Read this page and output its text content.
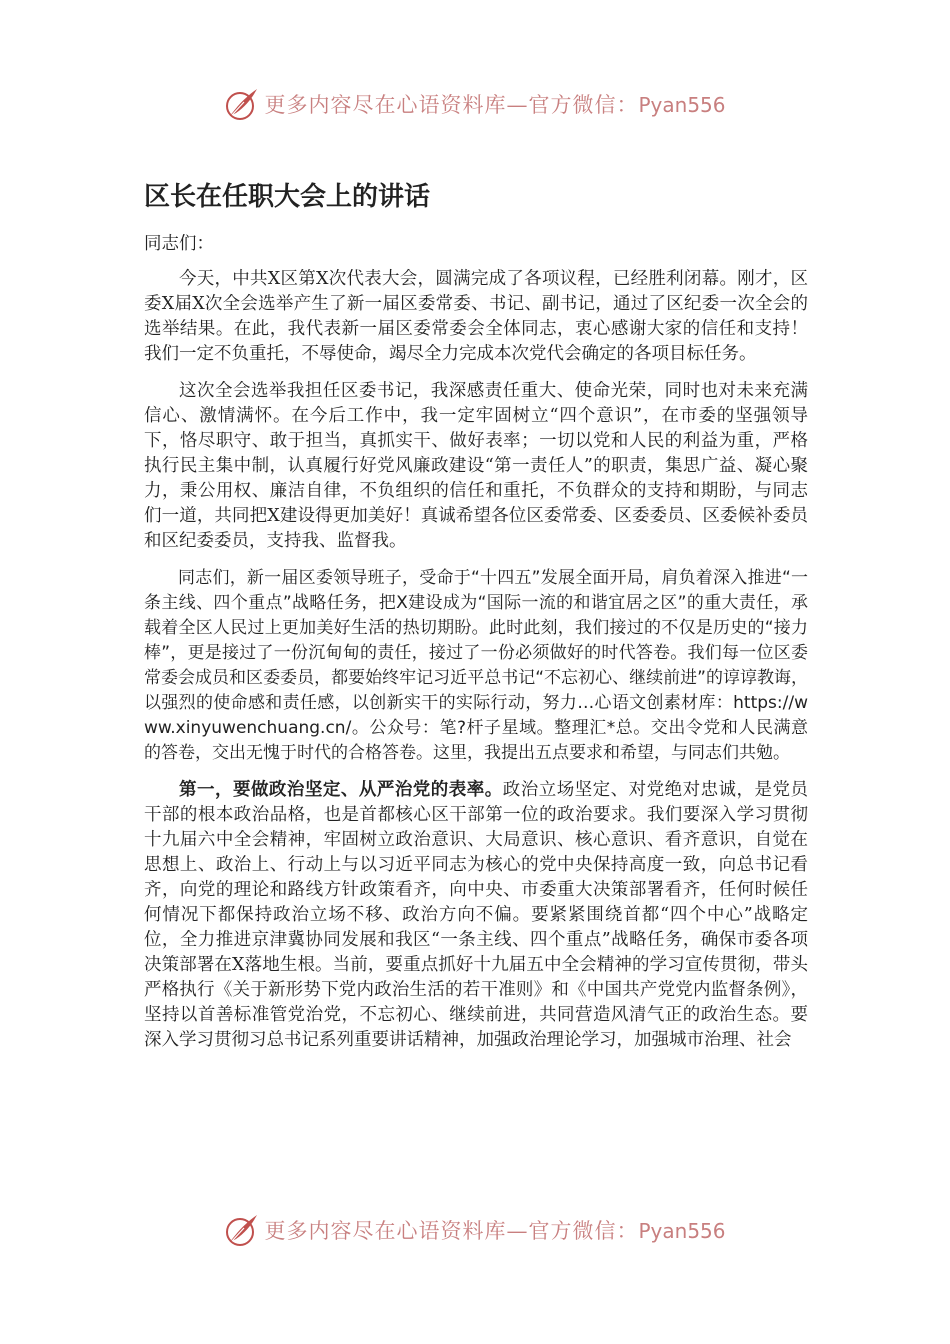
更多内容尽在心语资料库—官方微信：Pyan556
区长在任职大会上的讲话

同志们：

今天，中共X区第X次代表大会，圆满完成了各项议程，已经胜利闭幕。刚才，区委X届X次全会选举产生了新一届区委常委、书记、副书记，通过了区纪委一次全会的选举结果。在此，我代表新一届区委常委会全体同志，衷心感谢大家的信任和支持！我们一定不负重托，不辱使命，竭尽全力完成本次党代会确定的各项目标任务。

这次全会选举我担任区委书记，我深感责任重大、使命光荣，同时也对未来充满信心、激情满怀。在今后工作中，我一定牢固树立“四个意识”，在市委的坚强领导下，恪尽职守、敢于担当，真抓实干、做好表率；一切以党和人民的利益为重，严格执行民主集中制，认真履行好党风廉政建设“第一责任人”的职责，集思广益、凝心聚力，秉公用权、廉洁自律，不负组织的信任和重托，不负群众的支持和期盼，与同志们一道，共同把X建设得更加美好！真诚希望各位区委常委、区委委员、区委候补委员和区纪委委员，支持我、监督我。

同志们，新一届区委领导班子，受命于“十四五”发展全面开局，肩负着深入推进“一条主线、四个重点”战略任务，把X建设成为“国际一流的和谐宜居之区”的重大责任，承载着全区人民过上更加美好生活的热切期盼。此时此刻，我们接过的不仅是历史的“接力棒”，更是接过了一份沉甸甸的责任，接过了一份必须做好的时代答卷。我们每一位区委常委会成员和区委委员，都要始终牢记习近平总书记“不忘初心、继续前进”的谆谆教诲，以强烈的使命感和责任感，以创新实干的实际行动，努力…心语文创素材库：https://www.xinyuwenchuang.cn/。公众号：笔?杆子星域。整理汇*总。交出令党和人民满意的答卷，交出无愧于时代的合格答卷。这里，我提出五点要求和希望，与同志们共勉。

第一，要做政治坚定、从严治党的表率。政治立场坚定、对党绝对忠诚，是党员干部的根本政治品格，也是首都核心区干部第一位的政治要求。我们要深入学习贯彻十九届六中全会精神，牢固树立政治意识、大局意识、核心意识、看齐意识，自觉在思想上、政治上、行动上与以习近平同志为核心的党中央保持高度一致，向总书记看齐，向党的理论和路线方针政策看齐，向中央、市委重大决策部署看齐，任何时候任何情况下都保持政治立场不移、政治方向不偏。要紧紧围绕首都“四个中心”战略定位，全力推进京津冀协同发展和我区“一条主线、四个重点”战略任务，确保市委各项决策部署在X落地生根。当前，要重点抓好十九届五中全会精神的学习宣传贯彻，带头严格执行《关于新形势下党内政治生活的若干准则》和《中国共产党党内监督条例》，坚持以首善标准管党治党，不忘初心、继续前进，共同营造风清气正的政治生态。要深入学习贯彻习总书记系列重要讲话精神，加强政治理论学习，加强城市治理、社会

更多内容尽在心语资料库—官方微信：Pyan556
